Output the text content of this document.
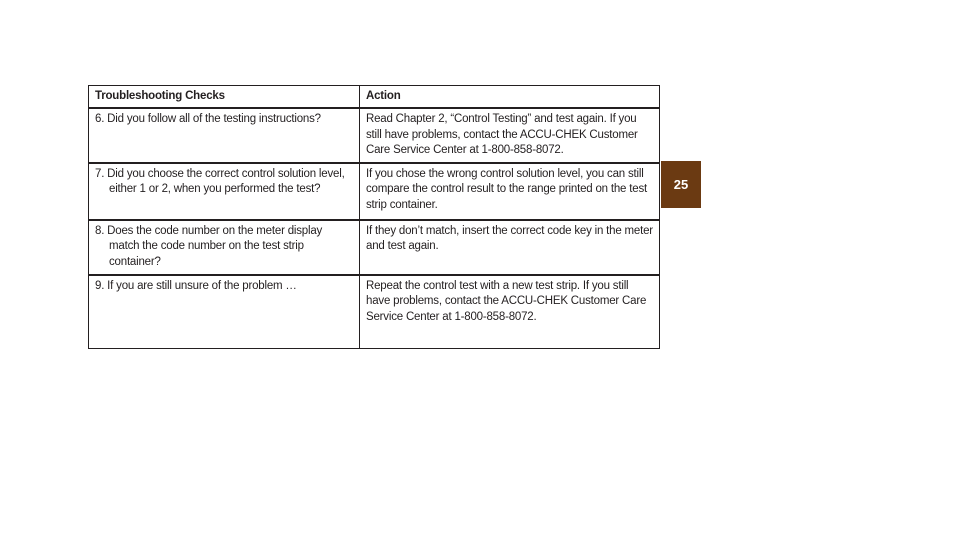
Troubleshooting Checks	Action

6. Did you follow all of the testing instructions?	Read Chapter 2, “Control Testing” and test again. If you still have problems, contact the ACCU-CHEK Customer Care Service Center at 1-800-858-8072.

7. Did you choose the correct control solution level, either 1 or 2, when you performed the test?	If you chose the wrong control solution level, you can still compare the control result to the range printed on the test strip container.

8. Does the code number on the meter display match the code number on the test strip container?	If they don’t match, insert the correct code key in the meter and test again.

9. If you are still unsure of the problem …	Repeat the control test with a new test strip. If you still have problems, contact the ACCU-CHEK Customer Care Service Center at 1-800-858-8072.
25
